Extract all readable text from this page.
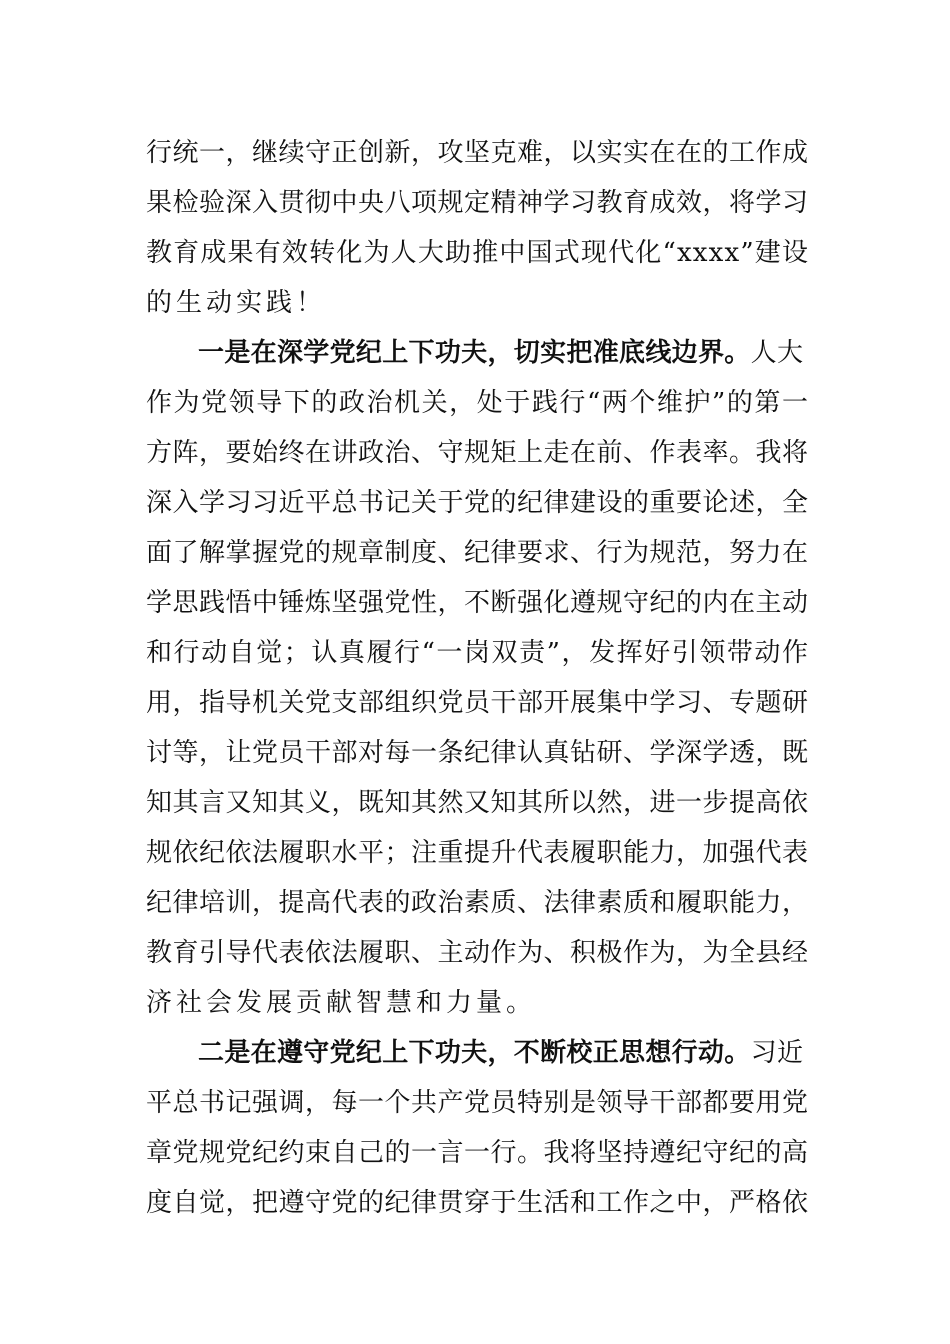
行统一，继续守正创新，攻坚克难，以实实在在的工作成
果检验深入贯彻中央八项规定精神学习教育成效，将学习
教育成果有效转化为人大助推中国式现代化“xxxx”建设
的生动实践！
一是在深学党纪上下功夫，切实把准底线边界。人大
作为党领导下的政治机关，处于践行“两个维护”的第一
方阵，要始终在讲政治、守规矩上走在前、作表率。我将
深入学习习近平总书记关于党的纪律建设的重要论述，全
面了解掌握党的规章制度、纪律要求、行为规范，努力在
学思践悟中锤炼坚强党性，不断强化遵规守纪的内在主动
和行动自觉；认真履行“一岗双责”，发挥好引领带动作
用，指导机关党支部组织党员干部开展集中学习、专题研
讨等，让党员干部对每一条纪律认真钻研、学深学透，既
知其言又知其义，既知其然又知其所以然，进一步提高依
规依纪依法履职水平；注重提升代表履职能力，加强代表
纪律培训，提高代表的政治素质、法律素质和履职能力，
教育引导代表依法履职、主动作为、积极作为，为全县经
济社会发展贡献智慧和力量。
二是在遵守党纪上下功夫，不断校正思想行动。习近
平总书记强调，每一个共产党员特别是领导干部都要用党
章党规党纪约束自己的一言一行。我将坚持遵纪守纪的高
度自觉，把遵守党的纪律贯穿于生活和工作之中，严格依
